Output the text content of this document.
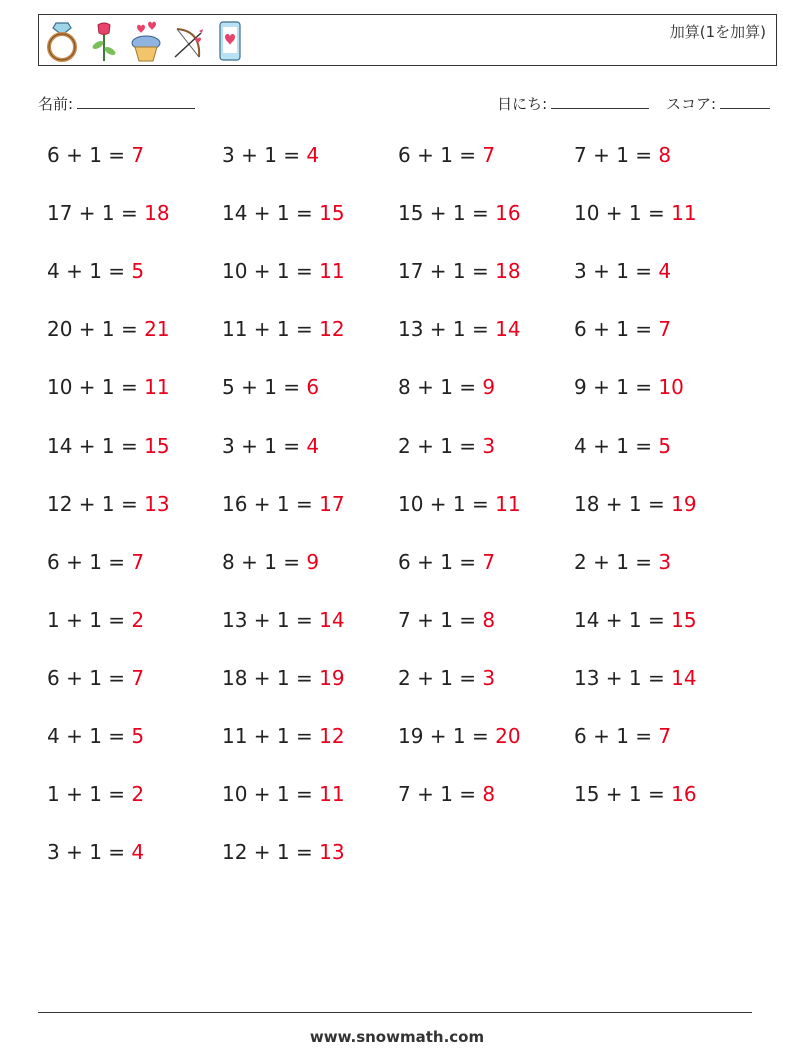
加算(1を加算)
名前:	日にち:	スコア:
6 + 1 = 7	3 + 1 = 4	6 + 1 = 7	7 + 1 = 8
17 + 1 = 18	14 + 1 = 15	15 + 1 = 16	10 + 1 = 11
4 + 1 = 5	10 + 1 = 11	17 + 1 = 18	3 + 1 = 4
20 + 1 = 21	11 + 1 = 12	13 + 1 = 14	6 + 1 = 7
10 + 1 = 11	5 + 1 = 6	8 + 1 = 9	9 + 1 = 10
14 + 1 = 15	3 + 1 = 4	2 + 1 = 3	4 + 1 = 5
12 + 1 = 13	16 + 1 = 17	10 + 1 = 11	18 + 1 = 19
6 + 1 = 7	8 + 1 = 9	6 + 1 = 7	2 + 1 = 3
1 + 1 = 2	13 + 1 = 14	7 + 1 = 8	14 + 1 = 15
6 + 1 = 7	18 + 1 = 19	2 + 1 = 3	13 + 1 = 14
4 + 1 = 5	11 + 1 = 12	19 + 1 = 20	6 + 1 = 7
1 + 1 = 2	10 + 1 = 11	7 + 1 = 8	15 + 1 = 16
3 + 1 = 4	12 + 1 = 13
www.snowmath.com
